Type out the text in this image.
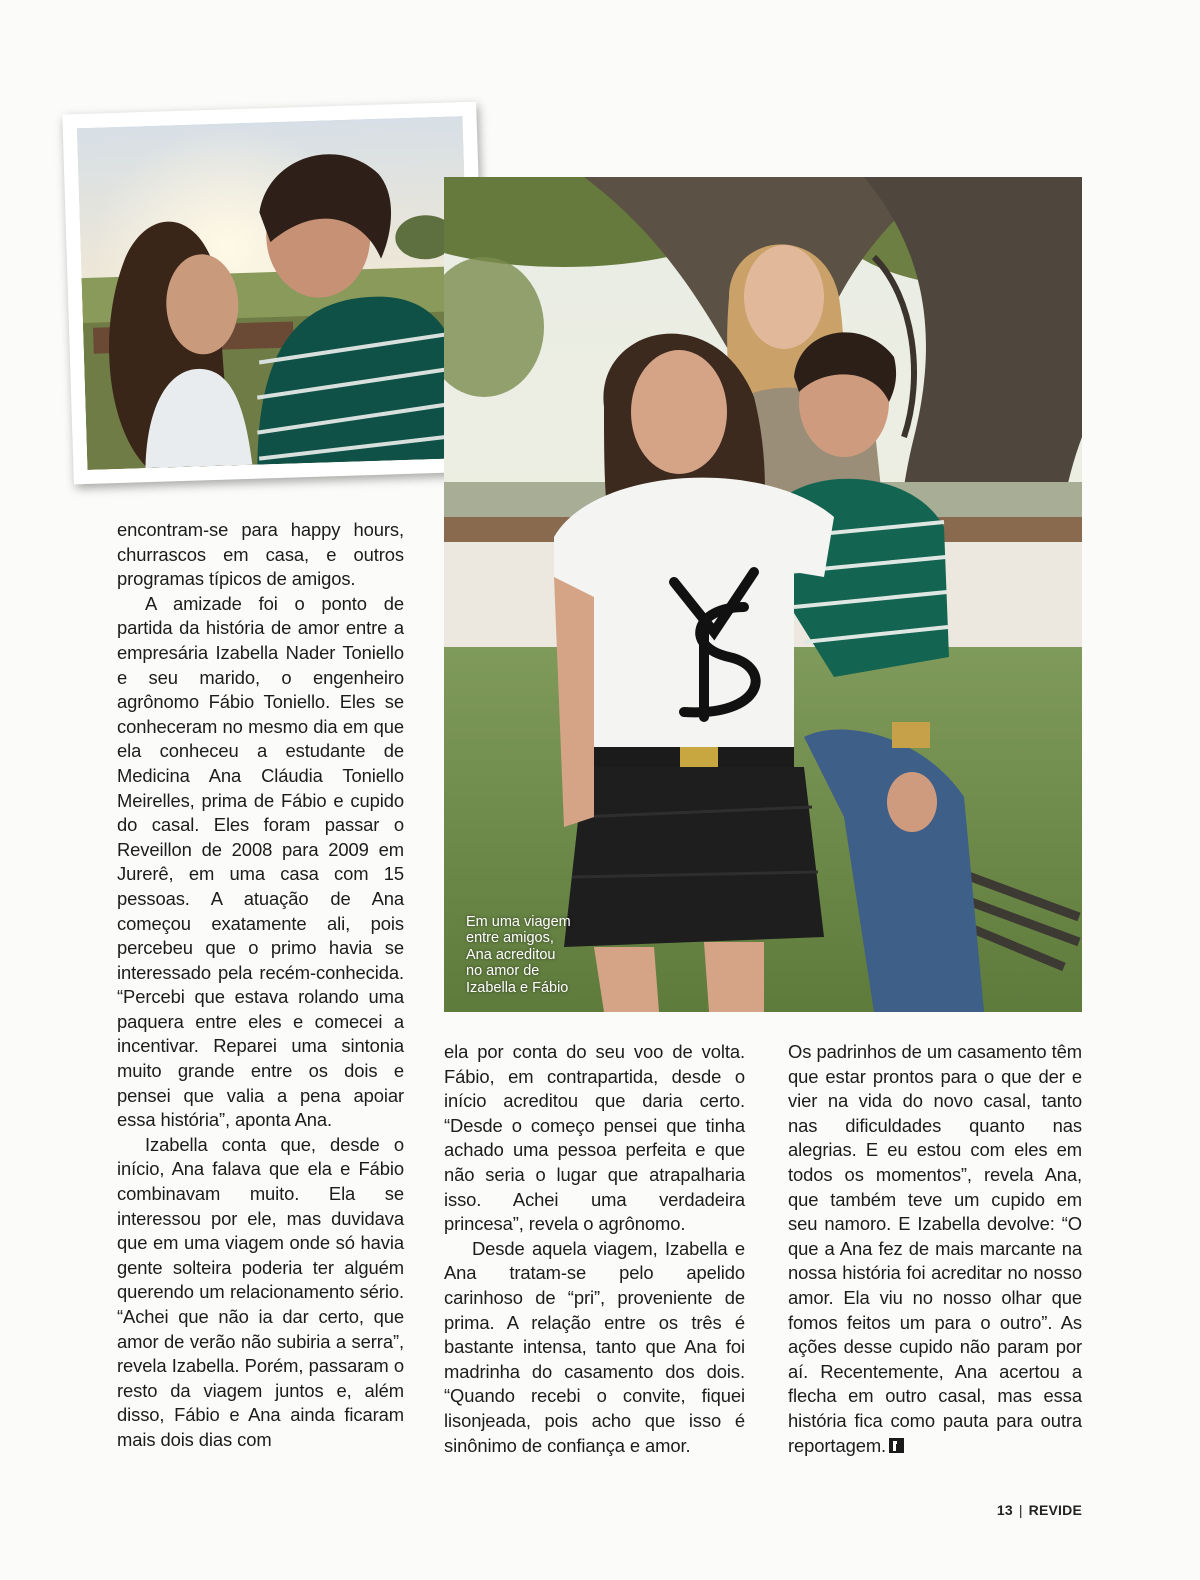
Em uma viagem
entre amigos,
Ana acreditou
no amor de
Izabella e Fábio

encontram-se para happy hours, churrascos em casa, e outros programas típicos de amigos.

A amizade foi o ponto de partida da história de amor entre a empresária Izabella Nader Toniello e seu marido, o engenheiro agrônomo Fábio Toniello. Eles se conheceram no mesmo dia em que ela conheceu a estudante de Medicina Ana Cláudia Toniello Meirelles, prima de Fábio e cupido do casal. Eles foram passar o Reveillon de 2008 para 2009 em Jurerê, em uma casa com 15 pessoas. A atuação de Ana começou exatamente ali, pois percebeu que o primo havia se interessado pela recém-conhecida. “Percebi que estava rolando uma paquera entre eles e comecei a incentivar. Reparei uma sintonia muito grande entre os dois e pensei que valia a pena apoiar essa história”, aponta Ana.

Izabella conta que, desde o início, Ana falava que ela e Fábio combinavam muito. Ela se interessou por ele, mas duvidava que em uma viagem onde só havia gente solteira poderia ter alguém querendo um relacionamento sério. “Achei que não ia dar certo, que amor de verão não subiria a serra”, revela Izabella. Porém, passaram o resto da viagem juntos e, além disso, Fábio e Ana ainda ficaram mais dois dias com

ela por conta do seu voo de volta. Fábio, em contrapartida, desde o início acreditou que daria certo. “Desde o começo pensei que tinha achado uma pessoa perfeita e que não seria o lugar que atrapalharia isso. Achei uma verdadeira princesa”, revela o agrônomo.

Desde aquela viagem, Izabella e Ana tratam-se pelo apelido carinhoso de “pri”, proveniente de prima. A relação entre os três é bastante intensa, tanto que Ana foi madrinha do casamento dos dois. “Quando recebi o convite, fiquei lisonjeada, pois acho que isso é sinônimo de confiança e amor.

Os padrinhos de um casamento têm que estar prontos para o que der e vier na vida do novo casal, tanto nas dificuldades quanto nas alegrias. E eu estou com eles em todos os momentos”, revela Ana, que também teve um cupido em seu namoro. E Izabella devolve: “O que a Ana fez de mais marcante na nossa história foi acreditar no nosso amor. Ela viu no nosso olhar que fomos feitos um para o outro”. As ações desse cupido não param por aí. Recentemente, Ana acertou a flecha em outro casal, mas essa história fica como pauta para outra reportagem.

13 | REVIDE
